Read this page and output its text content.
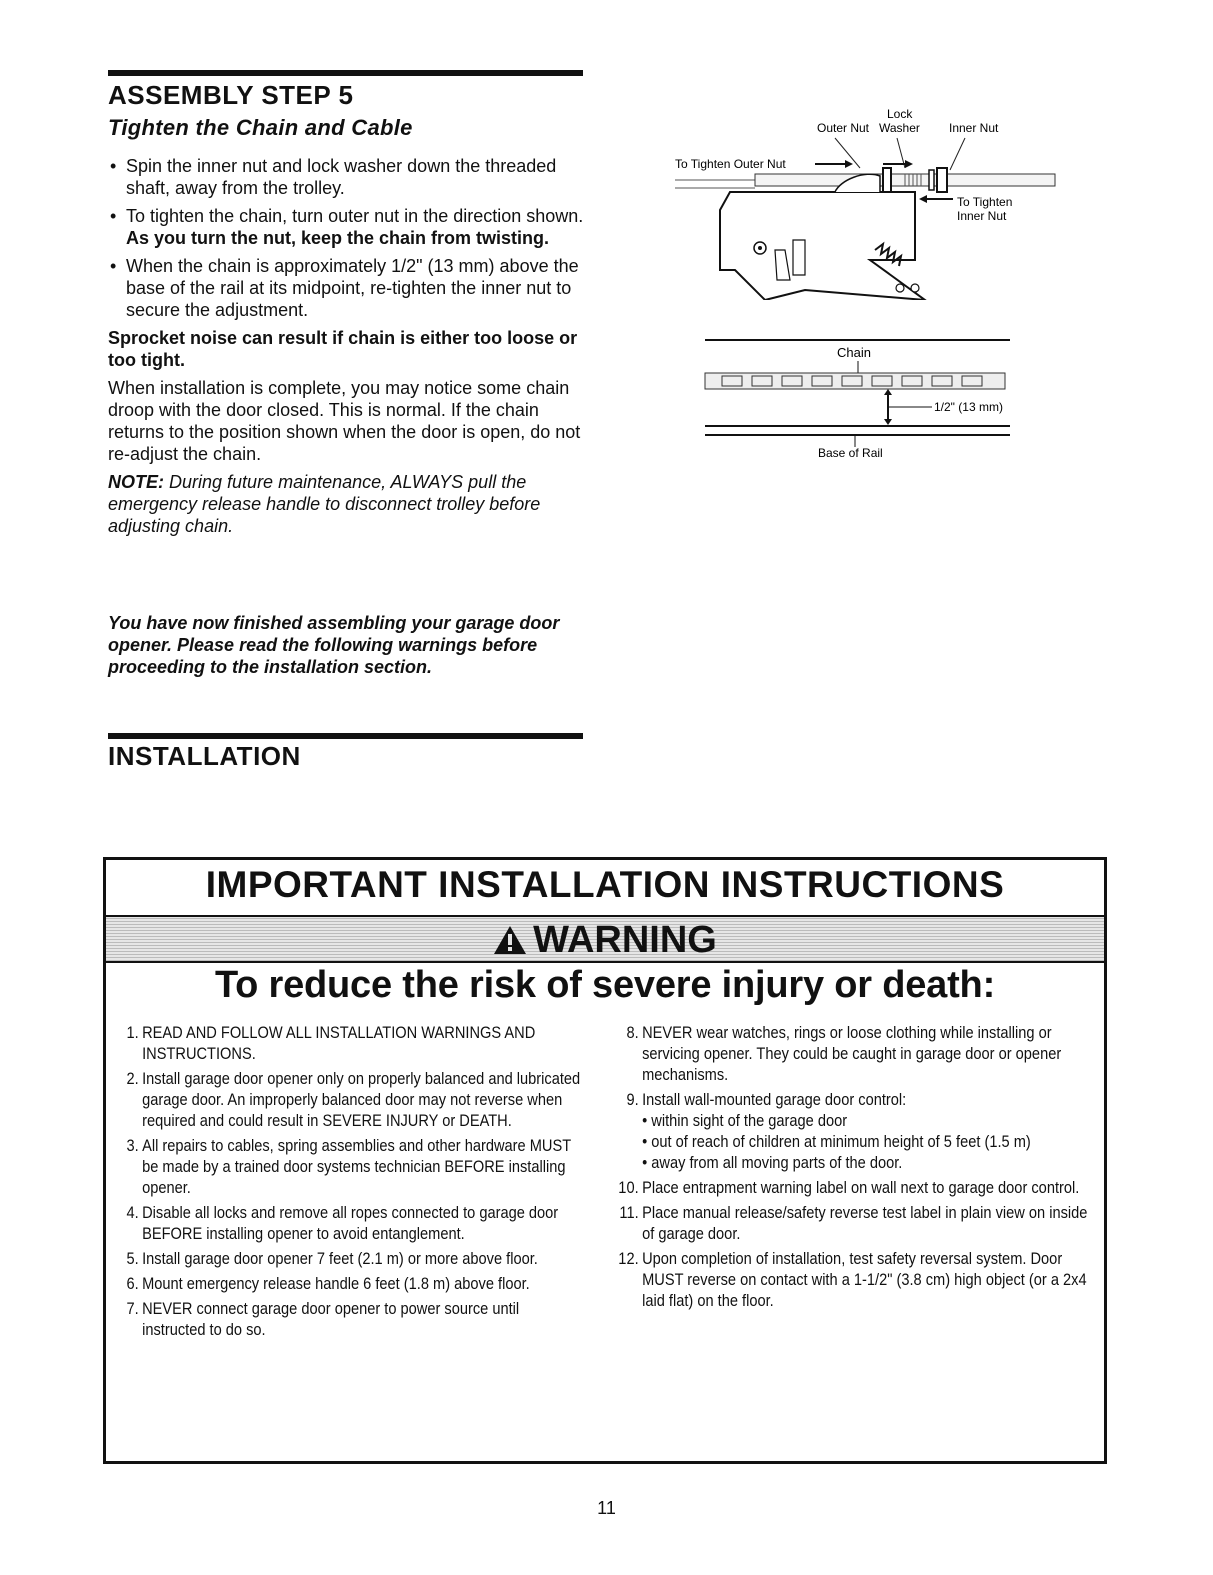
ASSEMBLY STEP 5
Tighten the Chain and Cable
• Spin the inner nut and lock washer down the threaded shaft, away from the trolley.
• To tighten the chain, turn outer nut in the direction shown. As you turn the nut, keep the chain from twisting.
• When the chain is approximately 1/2" (13 mm) above the base of the rail at its midpoint, re-tighten the inner nut to secure the adjustment.

Sprocket noise can result if chain is either too loose or too tight.

When installation is complete, you may notice some chain droop with the door closed. This is normal. If the chain returns to the position shown when the door is open, do not re-adjust the chain.

NOTE: During future maintenance, ALWAYS pull the emergency release handle to disconnect trolley before adjusting chain.

You have now finished assembling your garage door opener. Please read the following warnings before proceeding to the installation section.
Lock
Washer
Outer Nut	Inner Nut
To Tighten Outer Nut
To Tighten
Inner Nut
Chain
1/2" (13 mm)
Base of Rail
INSTALLATION
IMPORTANT INSTALLATION INSTRUCTIONS
WARNING
To reduce the risk of severe injury or death:
1. READ AND FOLLOW ALL INSTALLATION WARNINGS AND INSTRUCTIONS.
2. Install garage door opener only on properly balanced and lubricated garage door. An improperly balanced door may not reverse when required and could result in SEVERE INJURY or DEATH.
3. All repairs to cables, spring assemblies and other hardware MUST be made by a trained door systems technician BEFORE installing opener.
4. Disable all locks and remove all ropes connected to garage door BEFORE installing opener to avoid entanglement.
5. Install garage door opener 7 feet (2.1 m) or more above floor.
6. Mount emergency release handle 6 feet (1.8 m) above floor.
7. NEVER connect garage door opener to power source until instructed to do so.
8. NEVER wear watches, rings or loose clothing while installing or servicing opener. They could be caught in garage door or opener mechanisms.
9. Install wall-mounted garage door control:
• within sight of the garage door
• out of reach of children at minimum height of 5 feet (1.5 m)
• away from all moving parts of the door.
10. Place entrapment warning label on wall next to garage door control.
11. Place manual release/safety reverse test label in plain view on inside of garage door.
12. Upon completion of installation, test safety reversal system. Door MUST reverse on contact with a 1-1/2" (3.8 cm) high object (or a 2x4 laid flat) on the floor.
11
